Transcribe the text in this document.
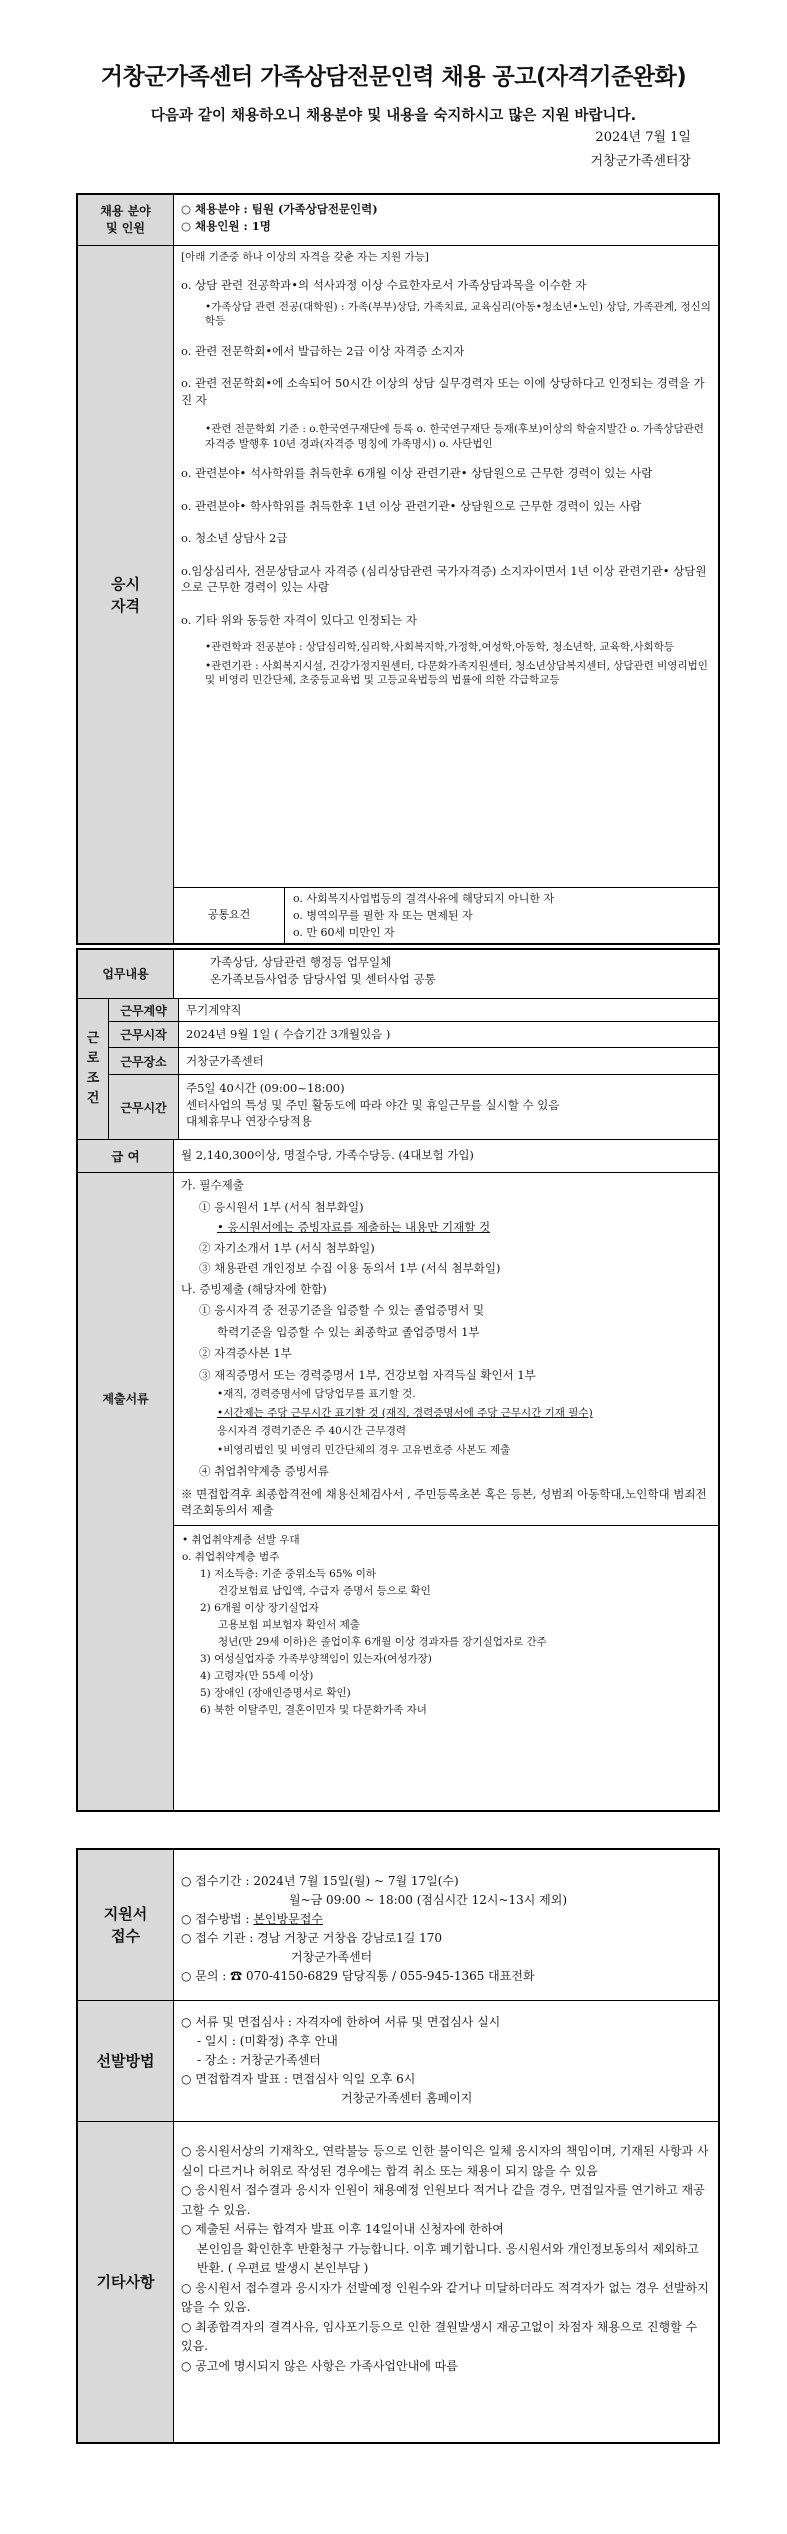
거창군가족센터 가족상담전문인력 채용 공고(자격기준완화)
다음과 같이 채용하오니 채용분야 및 내용을 숙지하시고 많은 지원 바랍니다.
2024년 7월 1일
거창군가족센터장
채용 분야
및 인원
○ 채용분야 : 팀원 (가족상담전문인력)
○ 채용인원 : 1명
응시
자격
[아래 기준중 하나 이상의 자격을 갖춘 자는 지원 가능]
o. 상담 관련 전공학과•의 석사과정 이상 수료한자로서 가족상담과목을 이수한 자
•가족상담 관련 전공(대학원) : 가족(부부)상담, 가족치료, 교육심리(아동•청소년•노인) 상담, 가족관계, 정신의학등
o. 관련 전문학회•에서 발급하는 2급 이상 자격증 소지자
o. 관련 전문학회•에 소속되어 50시간 이상의 상담 실무경력자 또는 이에 상당하다고 인정되는 경력을 가진 자
•관련 전문학회 기준 : o.한국연구재단에 등록 o. 한국연구재단 등재(후보)이상의 학술지발간 o. 가족상담관련 자격증 발행후 10년 경과(자격증 명칭에 가족명시) o. 사단법인
o. 관련분야• 석사학위를 취득한후 6개월 이상 관련기관• 상담원으로 근무한 경력이 있는 사람
o. 관련분야• 학사학위를 취득한후 1년 이상 관련기관• 상담원으로 근무한 경력이 있는 사람
o. 청소년 상담사 2급
o.임상심리사, 전문상담교사 자격증 (심리상담관련 국가자격증) 소지자이면서 1년 이상 관련기관• 상담원으로 근무한 경력이 있는 사람
o. 기타 위와 동등한 자격이 있다고 인정되는 자
•관련학과 전공분야 : 상담심리학,심리학,사회복지학,가정학,여성학,아동학, 청소년학, 교육학,사회학등
•관련기관 : 사회복지시설, 건강가정지원센터, 다문화가족지원센터, 청소년상담복지센터, 상담관련 비영리법인 및 비영리 민간단체, 초중등교육법 및 고등교육법등의 법률에 의한 각급학교등
공통요건
o. 사회복지사업법등의 결격사유에 해당되지 아니한 자
o. 병역의무를 필한 자 또는 면제된 자
o. 만 60세 미만인 자
업무내용
가족상담, 상담관련 행정등 업무일체
온가족보듬사업중 담당사업 및 센터사업 공통
근로조건
근무계약	무기계약직
근무시작	2024년 9월 1일 ( 수습기간 3개월있음 )
근무장소	거창군가족센터
근무시간
주5일 40시간 (09:00~18:00)
센터사업의 특성 및 주민 활동도에 따라 야간 및 휴일근무를 실시할 수 있음
대체휴무나 연장수당적용
급 여	월 2,140,300이상, 명절수당, 가족수당등. (4대보험 가입)
제출서류
가. 필수제출
① 응시원서 1부 (서식 첨부화일)
• 응시원서에는 증빙자료를 제출하는 내용만 기재할 것
② 자기소개서 1부 (서식 첨부화일)
③ 채용관련 개인정보 수집 이용 동의서 1부 (서식 첨부화일)
나. 증빙제출 (해당자에 한함)
① 응시자격 중 전공기준을 입증할 수 있는 졸업증명서 및
학력기준을 입증할 수 있는 최종학교 졸업증명서 1부
② 자격증사본 1부
③ 재직증명서 또는 경력증명서 1부, 건강보험 자격득실 확인서 1부
•재직, 경력증명서에 담당업무를 표기할 것.
•시간제는 주당 근무시간 표기할 것 (재직, 경력증명서에 주당 근무시간 기재 필수)
응시자격 경력기준은 주 40시간 근무경력
•비영리법인 및 비영리 민간단체의 경우 고유번호증 사본도 제출
④ 취업취약계층 증빙서류
※ 면접합격후 최종합격전에 채용신체검사서 , 주민등록초본 혹은 등본, 성범죄 아동학대,노인학대 범죄전력조회동의서 제출
• 취업취약계층 선발 우대
o. 취업취약계층 범주
1) 저소득층: 기준 중위소득 65% 이하
건강보험료 납입액, 수급자 증명서 등으로 확인
2) 6개월 이상 장기실업자
고용보험 피보험자 확인서 제출
청년(만 29세 이하)은 졸업이후 6개월 이상 경과자를 장기실업자로 간주
3) 여성실업자중 가족부양책임이 있는자(여성가장)
4) 고령자(만 55세 이상)
5) 장애인 (장애인증명서로 확인)
6) 북한 이탈주민, 결혼이민자 및 다문화가족 자녀
지원서
접수
○ 접수기간 : 2024년 7월 15일(월) ~ 7월 17일(수)
월~금 09:00 ~ 18:00 (점심시간 12시~13시 제외)
○ 접수방법 : 본인방문접수
○ 접수 기관 : 경남 거창군 거창읍 강남로1길 170
거창군가족센터
○ 문의 : ☎ 070-4150-6829 담당직통 / 055-945-1365 대표전화
선발방법
○ 서류 및 면접심사 : 자격자에 한하여 서류 및 면접심사 실시
- 일시 : (미확정) 추후 안내
- 장소 : 거창군가족센터
○ 면접합격자 발표 : 면접심사 익일 오후 6시
거창군가족센터 홈페이지
기타사항
○ 응시원서상의 기재착오, 연락불능 등으로 인한 불이익은 일체 응시자의 책임이며, 기재된 사항과 사실이 다르거나 허위로 작성된 경우에는 합격 취소 또는 채용이 되지 않을 수 있음
○ 응시원서 접수결과 응시자 인원이 채용예정 인원보다 적거나 같을 경우, 면접일자를 연기하고 재공고할 수 있음.
○ 제출된 서류는 합격자 발표 이후 14일이내 신청자에 한하여
본인임을 확인한후 반환청구 가능합니다. 이후 폐기합니다. 응시원서와 개인정보동의서 제외하고 반환. ( 우편료 발생시 본인부담 )
○ 응시원서 접수결과 응시자가 선발예정 인원수와 같거나 미달하더라도 적격자가 없는 경우 선발하지 않을 수 있음.
○ 최종합격자의 결격사유, 임사포기등으로 인한 결원발생시 재공고없이 차점자 채용으로 진행할 수 있음.
○ 공고에 명시되지 않은 사항은 가족사업안내에 따름
